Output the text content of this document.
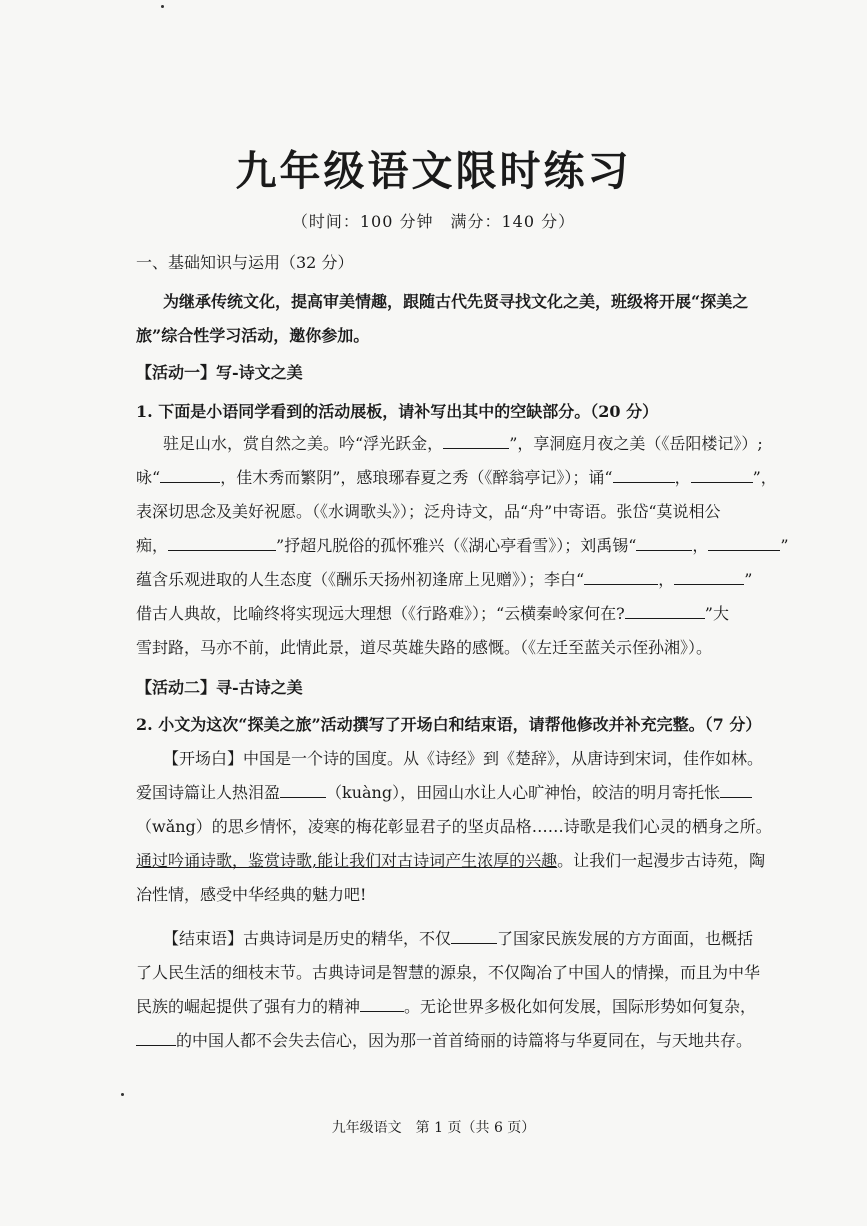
九年级语文限时练习
（时间：100 分钟　满分：140 分）
一、基础知识与运用（32 分）
为继承传统文化，提高审美情趣，跟随古代先贤寻找文化之美，班级将开展“探美之
旅”综合性学习活动，邀你参加。
【活动一】写-诗文之美
1. 下面是小语同学看到的活动展板，请补写出其中的空缺部分。（20 分）
驻足山水，赏自然之美。吟“浮光跃金，	”，享洞庭月夜之美（《岳阳楼记》）;
咏“	，佳木秀而繁阴”，感琅琊春夏之秀（《醉翁亭记》）；诵“	，	”，
表深切思念及美好祝愿。（《水调歌头》）；泛舟诗文，品“舟”中寄语。张岱“莫说相公
痴，	”抒超凡脱俗的孤怀雅兴（《湖心亭看雪》）；刘禹锡“	，	”
蕴含乐观进取的人生态度（《酬乐天扬州初逢席上见赠》）；李白“	，	”
借古人典故，比喻终将实现远大理想（《行路难》）；“云横秦岭家何在?	”大
雪封路，马亦不前，此情此景，道尽英雄失路的感慨。（《左迁至蓝关示侄孙湘》）。
【活动二】寻-古诗之美
2. 小文为这次“探美之旅”活动撰写了开场白和结束语，请帮他修改并补充完整。（7 分）
【开场白】中国是一个诗的国度。从《诗经》到《楚辞》，从唐诗到宋词，佳作如林。
爱国诗篇让人热泪盈	（kuàng），田园山水让人心旷神怡，皎洁的明月寄托怅
（wǎng）的思乡情怀，凌寒的梅花彰显君子的坚贞品格……诗歌是我们心灵的栖身之所。
通过吟诵诗歌，鉴赏诗歌,能让我们对古诗词产生浓厚的兴趣。让我们一起漫步古诗苑，陶
冶性情，感受中华经典的魅力吧!
【结束语】古典诗词是历史的精华，不仅	了国家民族发展的方方面面，也概括
了人民生活的细枝末节。古典诗词是智慧的源泉，不仅陶冶了中国人的情操，而且为中华
民族的崛起提供了强有力的精神	。无论世界多极化如何发展，国际形势如何复杂，
的中国人都不会失去信心，因为那一首首绮丽的诗篇将与华夏同在，与天地共存。
九年级语文　第 1 页（共 6 页）
